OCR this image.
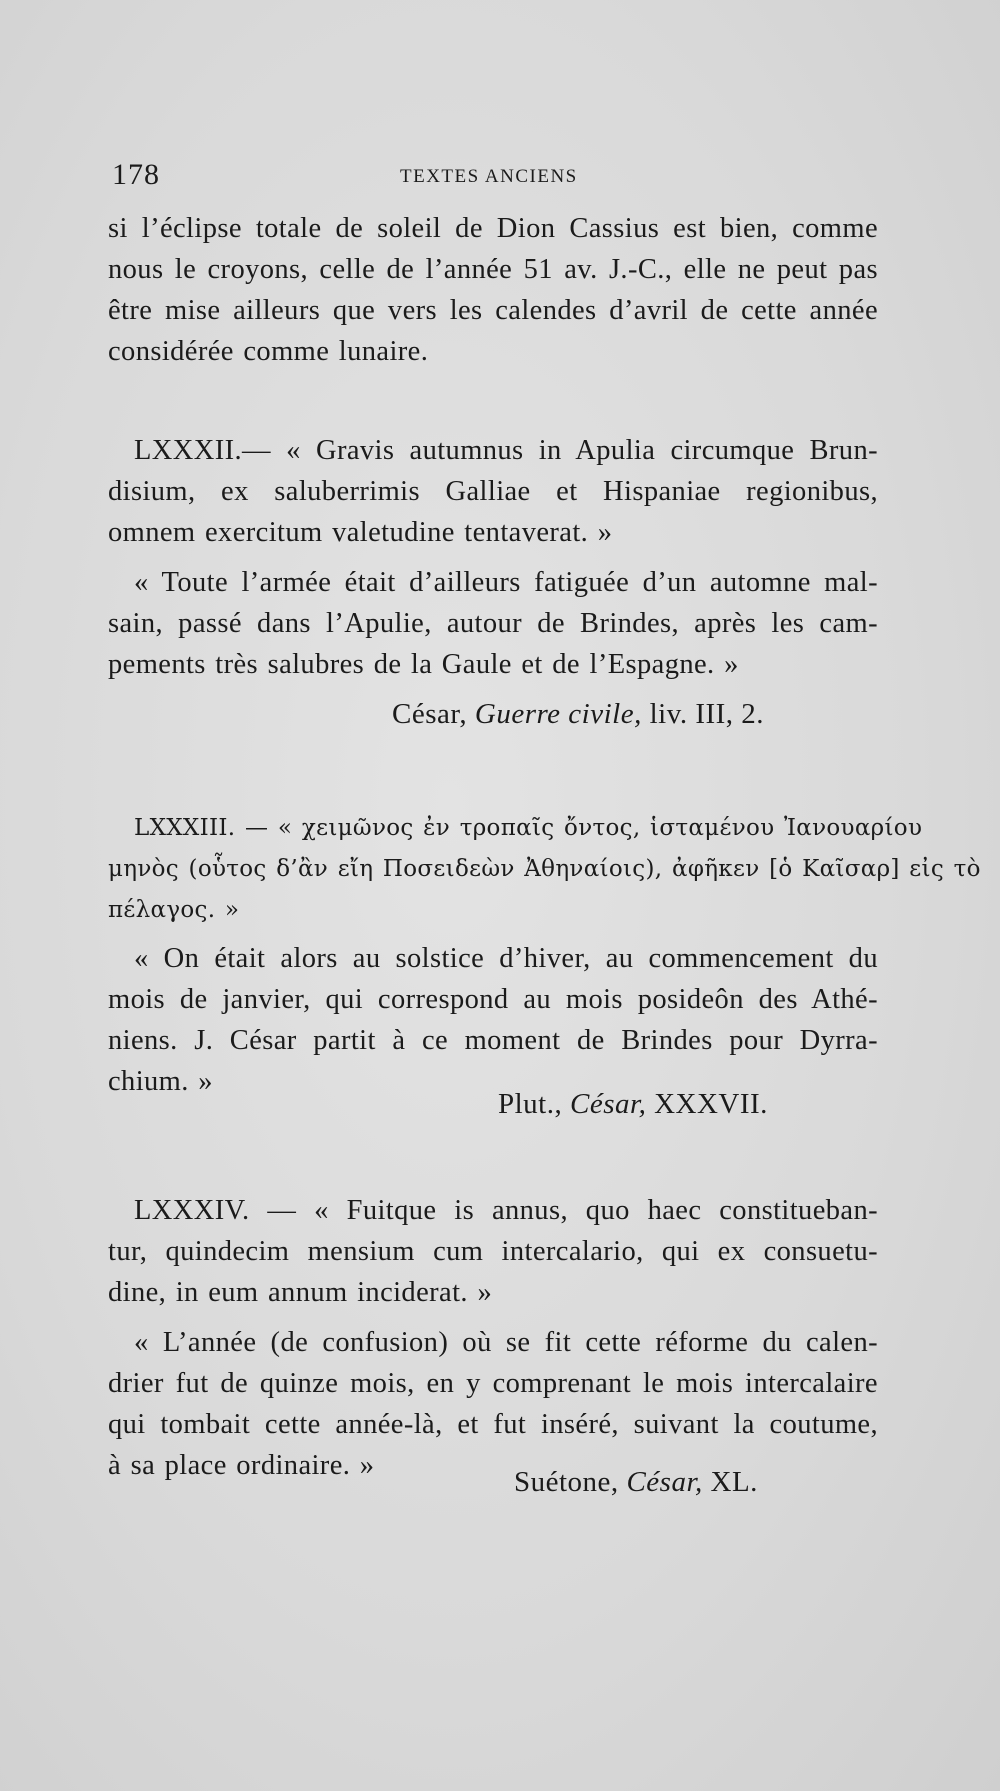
178	TEXTES ANCIENS
si l’éclipse totale de soleil de Dion Cassius est bien, comme
nous le croyons, celle de l’année 51 av. J.-C., elle ne peut pas
être mise ailleurs que vers les calendes d’avril de cette année
considérée comme lunaire.
LXXXII.— « Gravis autumnus in Apulia circumque Brun-
disium, ex saluberrimis Galliae et Hispaniae regionibus,
omnem exercitum valetudine tentaverat. »
« Toute l’armée était d’ailleurs fatiguée d’un automne mal-
sain, passé dans l’Apulie, autour de Brindes, après les cam-
pements très salubres de la Gaule et de l’Espagne. »
César, Guerre civile, liv. III, 2.
LXXXIII. — « χειμῶνος ἐν τροπαῖς ὄντος, ἱσταμένου Ἰανουαρίου
μηνὸς (οὗτος δ’ἂν εἴη Ποσειδεὼν Ἀθηναίοις), ἀφῆκεν [ὁ Καῖσαρ] εἰς τὸ
πέλαγος. »
« On était alors au solstice d’hiver, au commencement du
mois de janvier, qui correspond au mois posideôn des Athé-
niens. J. César partit à ce moment de Brindes pour Dyrra-
chium. »
Plut., César, XXXVII.
LXXXIV. — « Fuitque is annus, quo haec constitueban-
tur, quindecim mensium cum intercalario, qui ex consuetu-
dine, in eum annum inciderat. »
« L’année (de confusion) où se fit cette réforme du calen-
drier fut de quinze mois, en y comprenant le mois intercalaire
qui tombait cette année-là, et fut inséré, suivant la coutume,
à sa place ordinaire. »
Suétone, César, XL.
